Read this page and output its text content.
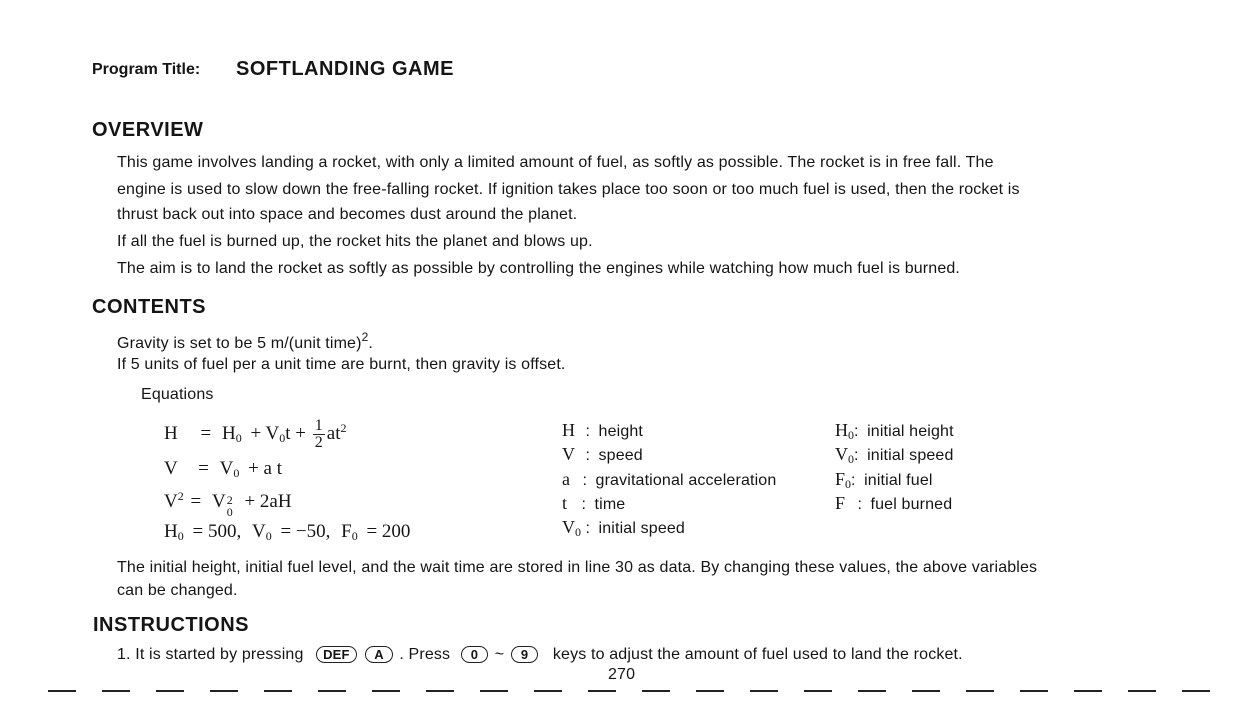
Program Title: SOFTLANDING GAME
OVERVIEW
This game involves landing a rocket, with only a limited amount of fuel, as softly as possible. The rocket is in free fall. The
engine is used to slow down the free-falling rocket. If ignition takes place too soon or too much fuel is used, then the rocket is
thrust back out into space and becomes dust around the planet.
If all the fuel is burned up, the rocket hits the planet and blows up.
The aim is to land the rocket as softly as possible by controlling the engines while watching how much fuel is burned.
CONTENTS
Gravity is set to be 5 m/(unit time)$^2$.
If 5 units of fuel per a unit time are burnt, then gravity is offset.
Equations
$H = H_0 + V_0t + \frac{1}{2} at^2$
$V = V_0 + a$ t
$V^2 = V$ 2
0 + 2aH
$H_0 = 500$, $V_0 = -50$, $F_0 = 200$
H : height
V : speed
a : gravitational acceleration
t : time
$V_0$ : initial speed
$H_0$: initial height
$V_0$: initial speed
$F_0$: initial fuel
F : fuel burned
The initial height, initial fuel level, and the wait time are stored in line 30 as data. By changing these values, the above variables
can be changed.
INSTRUCTIONS
1. It is started by pressing DEF A . Press 0 ~ 9 keys to adjust the amount of fuel used to land the rocket.
270
